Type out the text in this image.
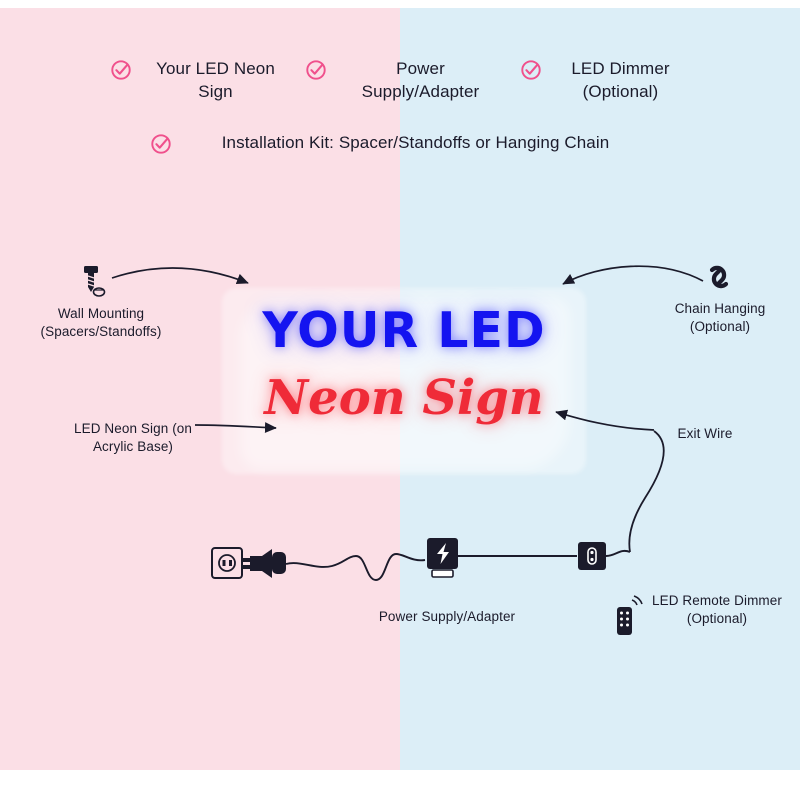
Your LED Neon Sign
Power Supply/Adapter
LED Dimmer (Optional)
Installation Kit: Spacer/Standoffs or Hanging Chain
YOUR LED
Neon Sign
Wall Mounting (Spacers/Standoffs)
Chain Hanging (Optional)
LED Neon Sign (on Acrylic Base)
Exit Wire
Power Supply/Adapter
LED Remote Dimmer (Optional)
